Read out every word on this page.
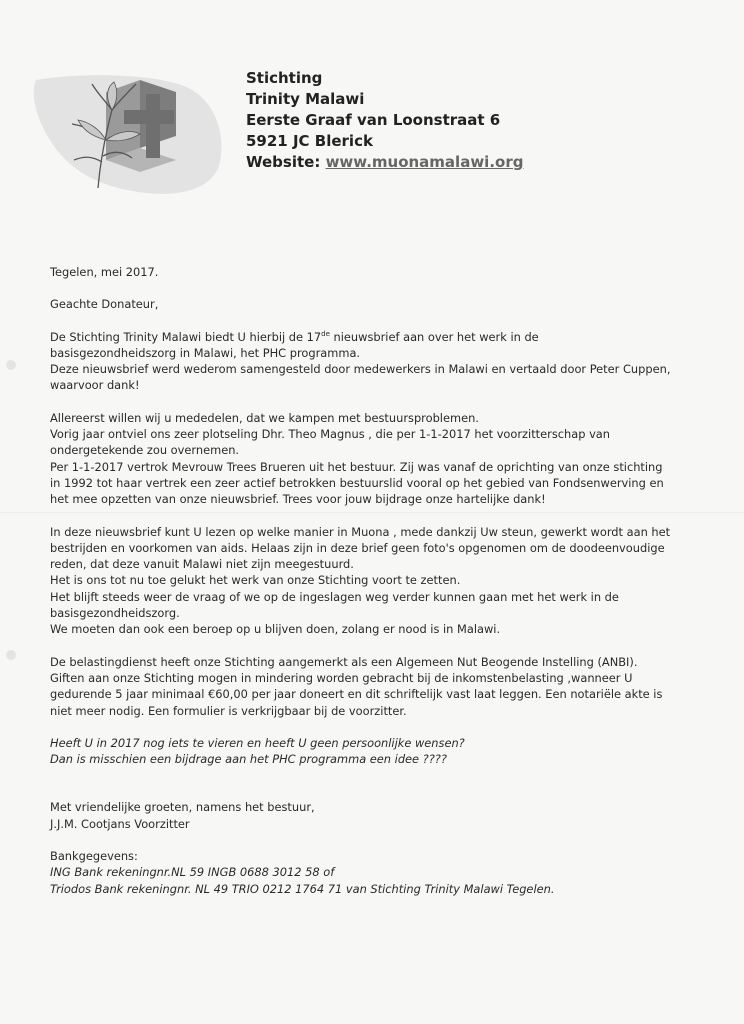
Stichting
Trinity Malawi
Eerste Graaf van Loonstraat 6
5921 JC Blerick
Website: www.muonamalawi.org
Tegelen, mei 2017.
Geachte Donateur,
De Stichting Trinity Malawi biedt U hierbij de 17de nieuwsbrief aan over het werk in de
basisgezondheidszorg in Malawi, het PHC programma.
Deze nieuwsbrief werd wederom samengesteld door medewerkers in Malawi en vertaald door Peter Cuppen,
waarvoor dank!
Allereerst willen wij u mededelen, dat we kampen met bestuursproblemen.
Vorig jaar ontviel ons zeer plotseling Dhr. Theo Magnus , die per 1-1-2017 het voorzitterschap van
ondergetekende zou overnemen.
Per 1-1-2017 vertrok Mevrouw Trees Brueren uit het bestuur. Zij was vanaf de oprichting van onze stichting
in 1992 tot haar vertrek een zeer actief betrokken bestuurslid vooral op het gebied van Fondsenwerving en
het mee opzetten van onze nieuwsbrief. Trees voor jouw bijdrage onze hartelijke dank!
In deze nieuwsbrief kunt U lezen op welke manier in Muona , mede dankzij Uw steun, gewerkt wordt aan het
bestrijden en voorkomen van aids. Helaas zijn in deze brief geen foto's opgenomen om de doodeenvoudige
reden, dat deze vanuit Malawi niet zijn meegestuurd.
Het is ons tot nu toe gelukt het werk van onze Stichting voort te zetten.
Het blijft steeds weer de vraag of we op de ingeslagen weg verder kunnen gaan met het werk in de
basisgezondheidszorg.
We moeten dan ook een beroep op u blijven doen, zolang er nood is in Malawi.
De belastingdienst heeft onze Stichting aangemerkt als een Algemeen Nut Beogende Instelling (ANBI).
Giften aan onze Stichting mogen in mindering worden gebracht bij de inkomstenbelasting ,wanneer U
gedurende 5 jaar minimaal €60,00 per jaar doneert en dit schriftelijk vast laat leggen. Een notariële akte is
niet meer nodig. Een formulier is verkrijgbaar bij de voorzitter.
Heeft U in 2017 nog iets te vieren en heeft U geen persoonlijke wensen?
Dan is misschien een bijdrage aan het PHC programma een idee ????
Met vriendelijke groeten, namens het bestuur,
J.J.M. Cootjans Voorzitter
Bankgegevens:
ING Bank rekeningnr.NL 59 INGB 0688 3012 58 of
Triodos Bank rekeningnr. NL 49 TRIO 0212 1764 71 van Stichting Trinity Malawi Tegelen.
